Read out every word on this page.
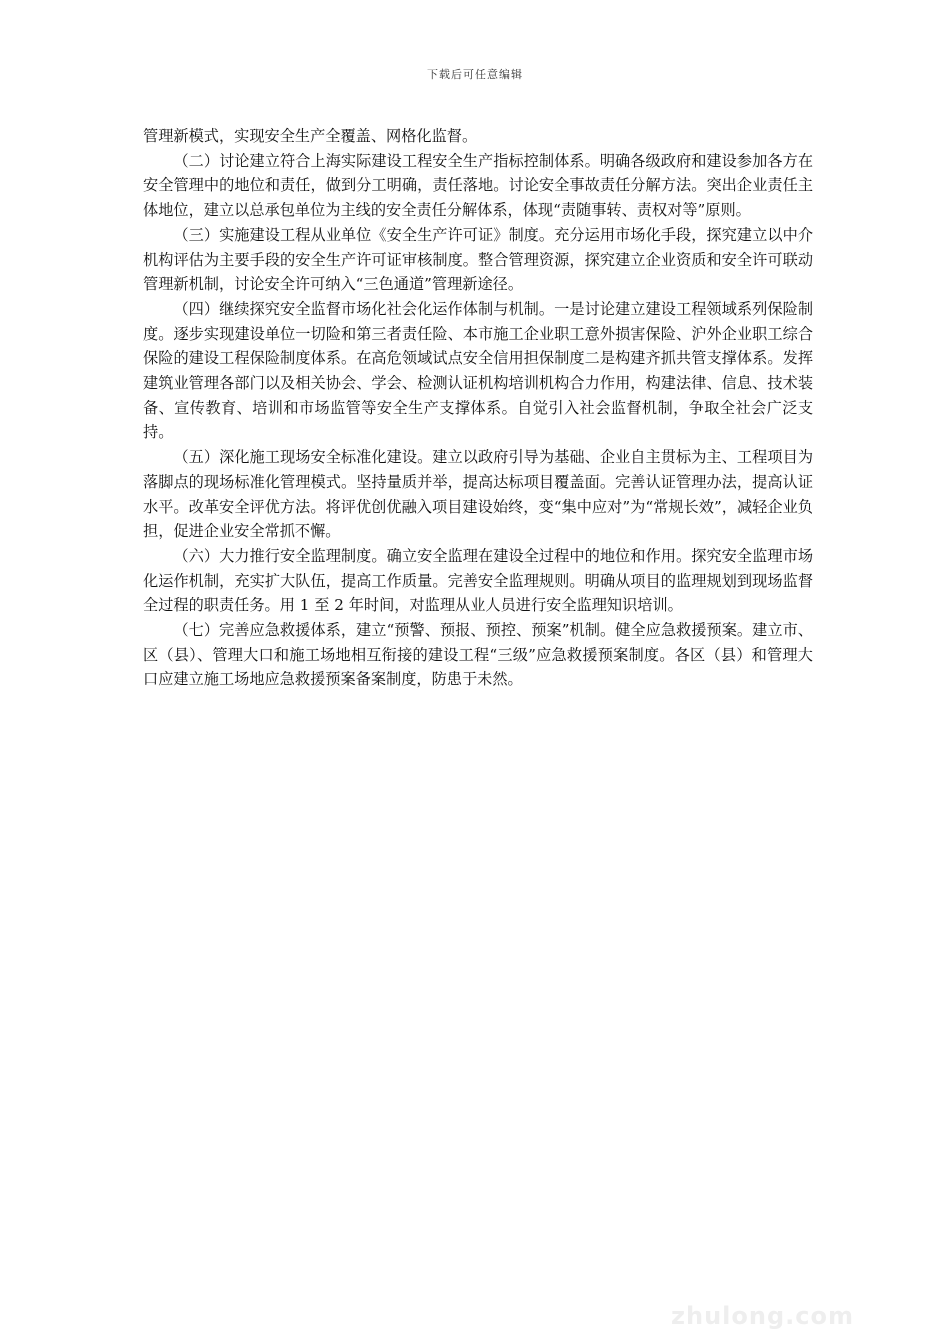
下载后可任意编辑

管理新模式，实现安全生产全覆盖、网格化监督。

（二）讨论建立符合上海实际建设工程安全生产指标控制体系。明确各级政府和建设参加各方在安全管理中的地位和责任，做到分工明确，责任落地。讨论安全事故责任分解方法。突出企业责任主体地位，建立以总承包单位为主线的安全责任分解体系，体现“责随事转、责权对等”原则。

（三）实施建设工程从业单位《安全生产许可证》制度。充分运用市场化手段，探究建立以中介机构评估为主要手段的安全生产许可证审核制度。整合管理资源，探究建立企业资质和安全许可联动管理新机制，讨论安全许可纳入“三色通道”管理新途径。

（四）继续探究安全监督市场化社会化运作体制与机制。一是讨论建立建设工程领域系列保险制度。逐步实现建设单位一切险和第三者责任险、本市施工企业职工意外损害保险、沪外企业职工综合保险的建设工程保险制度体系。在高危领域试点安全信用担保制度二是构建齐抓共管支撑体系。发挥建筑业管理各部门以及相关协会、学会、检测认证机构培训机构合力作用，构建法律、信息、技术装备、宣传教育、培训和市场监管等安全生产支撑体系。自觉引入社会监督机制，争取全社会广泛支持。

（五）深化施工现场安全标准化建设。建立以政府引导为基础、企业自主贯标为主、工程项目为落脚点的现场标准化管理模式。坚持量质并举，提高达标项目覆盖面。完善认证管理办法，提高认证水平。改革安全评优方法。将评优创优融入项目建设始终，变“集中应对”为“常规长效”，减轻企业负担，促进企业安全常抓不懈。

（六）大力推行安全监理制度。确立安全监理在建设全过程中的地位和作用。探究安全监理市场化运作机制，充实扩大队伍，提高工作质量。完善安全监理规则。明确从项目的监理规划到现场监督全过程的职责任务。用 1 至 2 年时间，对监理从业人员进行安全监理知识培训。

（七）完善应急救援体系，建立“预警、预报、预控、预案”机制。健全应急救援预案。建立市、区（县）、管理大口和施工场地相互衔接的建设工程“三级”应急救援预案制度。各区（县）和管理大口应建立施工场地应急救援预案备案制度，防患于未然。

zhulong.com
